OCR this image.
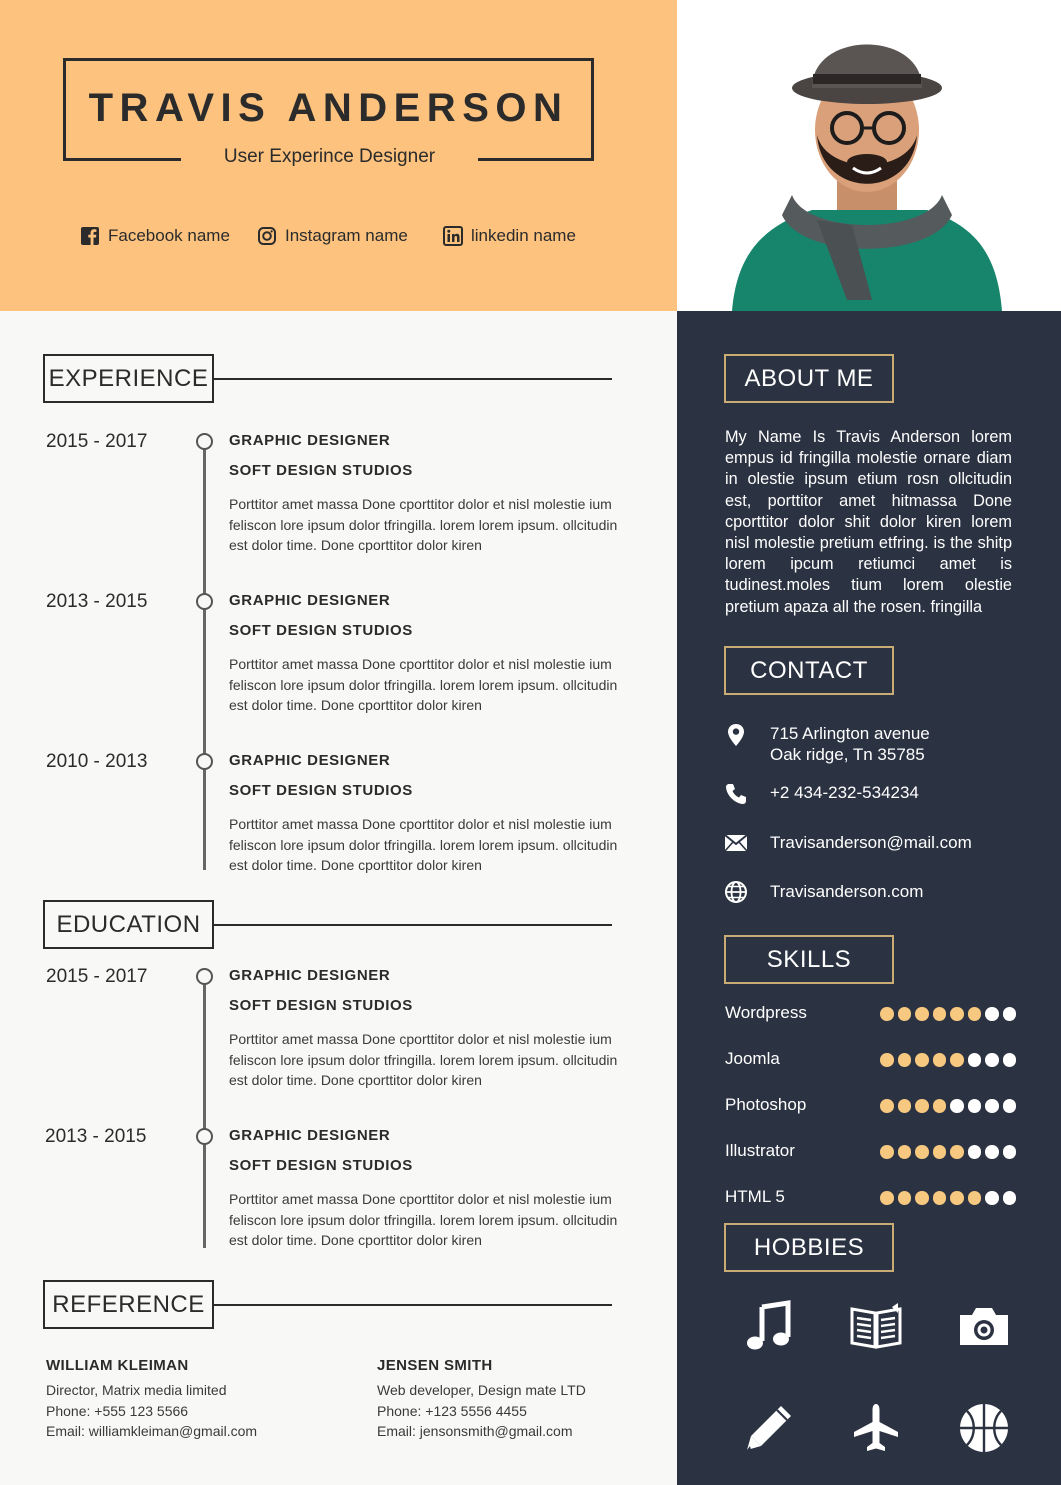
TRAVIS ANDERSON
User Experince Designer
Facebook name	Instagram name	linkedin name
EXPERIENCE
2015 - 2017	GRAPHIC DESIGNER
SOFT DESIGN STUDIOS
Porttitor amet massa Done cporttitor dolor et nisl molestie ium feliscon lore ipsum dolor tfringilla. lorem lorem ipsum. ollcitudin est dolor time. Done cporttitor dolor kiren
2013 - 2015	GRAPHIC DESIGNER
SOFT DESIGN STUDIOS
Porttitor amet massa Done cporttitor dolor et nisl molestie ium feliscon lore ipsum dolor tfringilla. lorem lorem ipsum. ollcitudin est dolor time. Done cporttitor dolor kiren
2010 - 2013	GRAPHIC DESIGNER
SOFT DESIGN STUDIOS
Porttitor amet massa Done cporttitor dolor et nisl molestie ium feliscon lore ipsum dolor tfringilla. lorem lorem ipsum. ollcitudin est dolor time. Done cporttitor dolor kiren
EDUCATION
2015 - 2017	GRAPHIC DESIGNER
SOFT DESIGN STUDIOS
Porttitor amet massa Done cporttitor dolor et nisl molestie ium feliscon lore ipsum dolor tfringilla. lorem lorem ipsum. ollcitudin est dolor time. Done cporttitor dolor kiren
2013 - 2015	GRAPHIC DESIGNER
SOFT DESIGN STUDIOS
Porttitor amet massa Done cporttitor dolor et nisl molestie ium feliscon lore ipsum dolor tfringilla. lorem lorem ipsum. ollcitudin est dolor time. Done cporttitor dolor kiren
REFERENCE
WILLIAM KLEIMAN
Director, Matrix media limited
Phone: +555 123 5566
Email: williamkleiman@gmail.com
JENSEN SMITH
Web developer, Design mate LTD
Phone: +123 5556 4455
Email: jensonsmith@gmail.com
ABOUT ME
My Name Is Travis Anderson lorem empus id fringilla molestie ornare diam in olestie ipsum etium rosn ollcitudin est, porttitor amet hitmassa Done cporttitor dolor shit dolor kiren lorem nisl molestie pretium etfring. is the shitp lorem ipcum retiumci amet is tudinest.moles tium lorem olestie pretium apaza all the rosen. fringilla
CONTACT
715 Arlington avenue
Oak ridge, Tn 35785
+2 434-232-534234
Travisanderson@mail.com
Travisanderson.com
SKILLS
Wordpress
Joomla
Photoshop
Illustrator
HTML 5
HOBBIES
